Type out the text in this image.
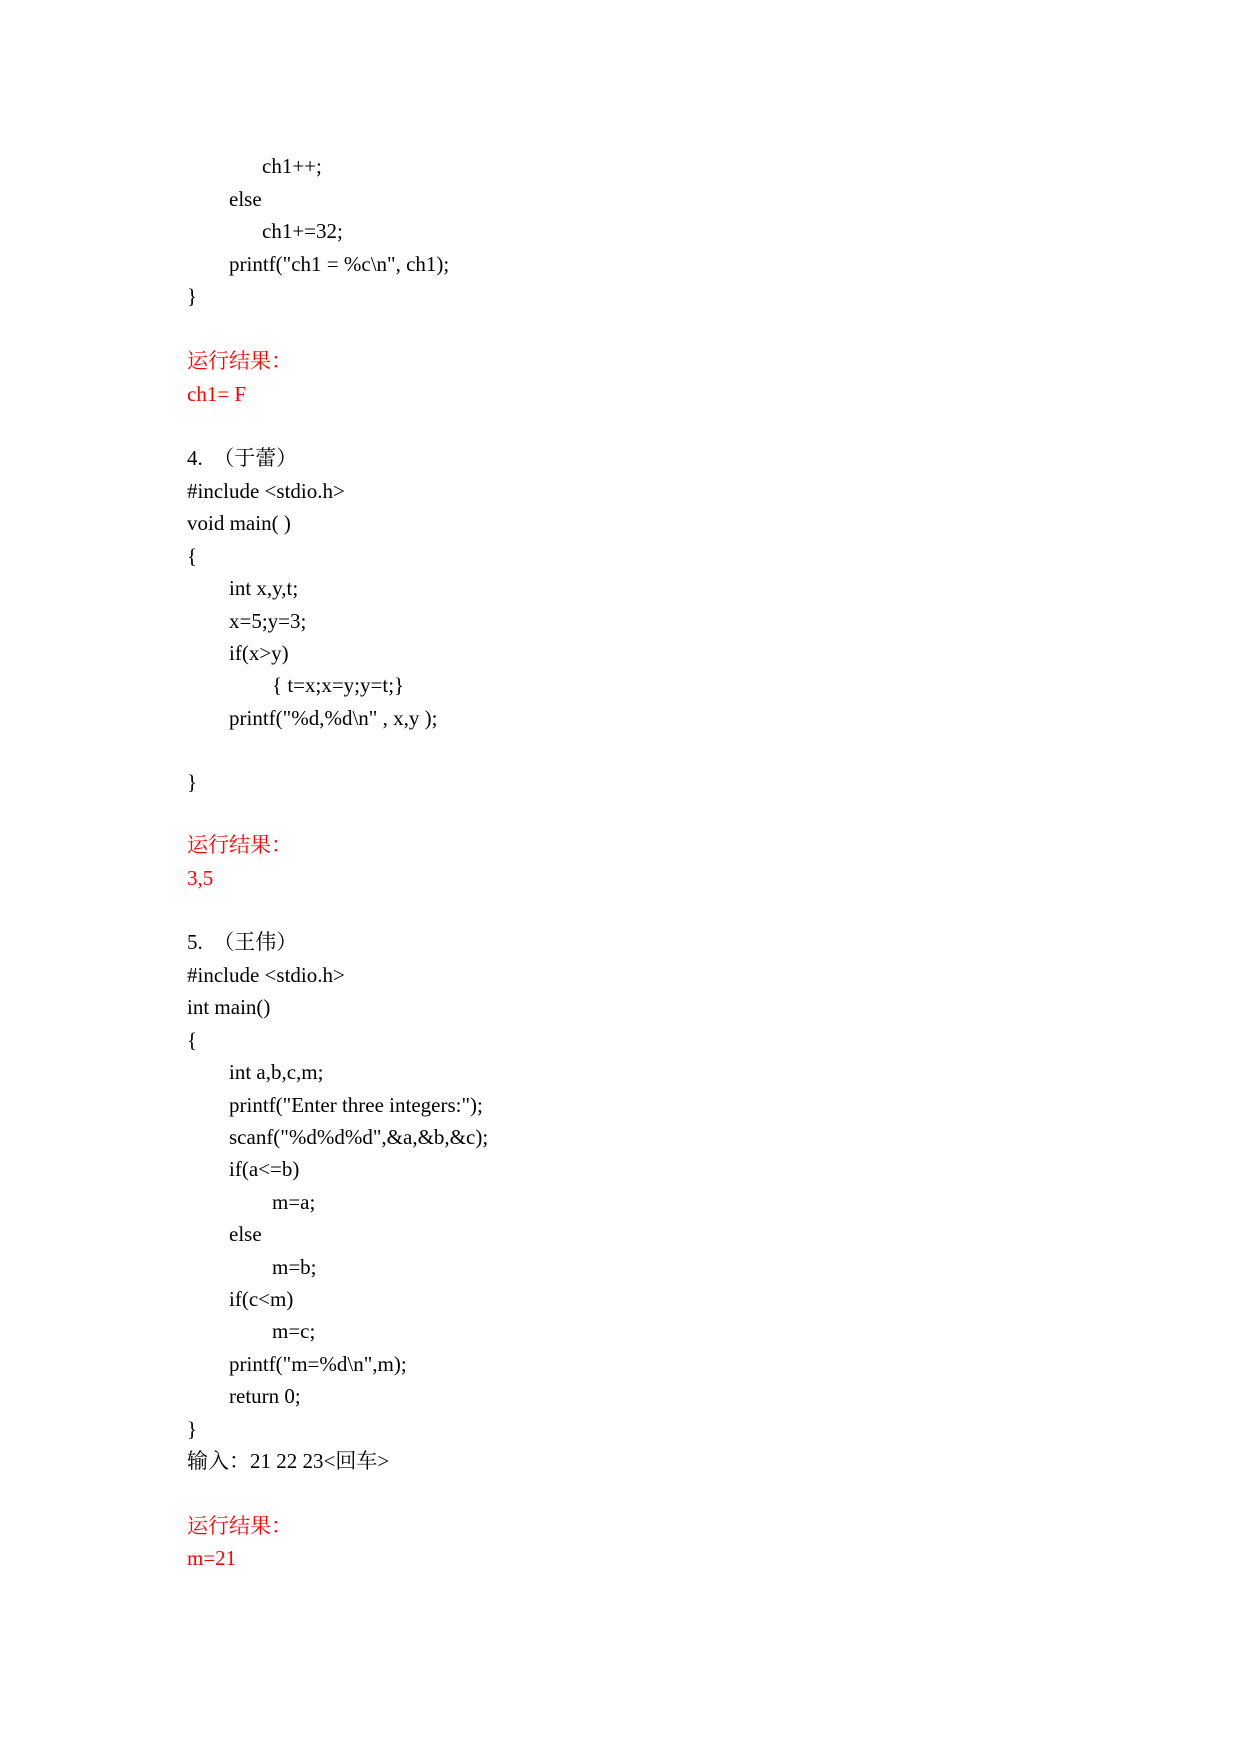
ch1++;
else
ch1+=32;
printf("ch1 = %c\n", ch1);
}
运行结果：
ch1= F
4.  （于蕾）
#include <stdio.h>
void main( )
{
int x,y,t;
x=5;y=3;
if(x>y)
{ t=x;x=y;y=t;}
printf("%d,%d\n" , x,y );
}
运行结果：
3,5
5.  （王伟）
#include <stdio.h>
int main()
{
int a,b,c,m;
printf("Enter three integers:");
scanf("%d%d%d",&a,&b,&c);
if(a<=b)
m=a;
else
m=b;
if(c<m)
m=c;
printf("m=%d\n",m);
return 0;
}
输入：21 22 23<回车>
运行结果：
m=21
